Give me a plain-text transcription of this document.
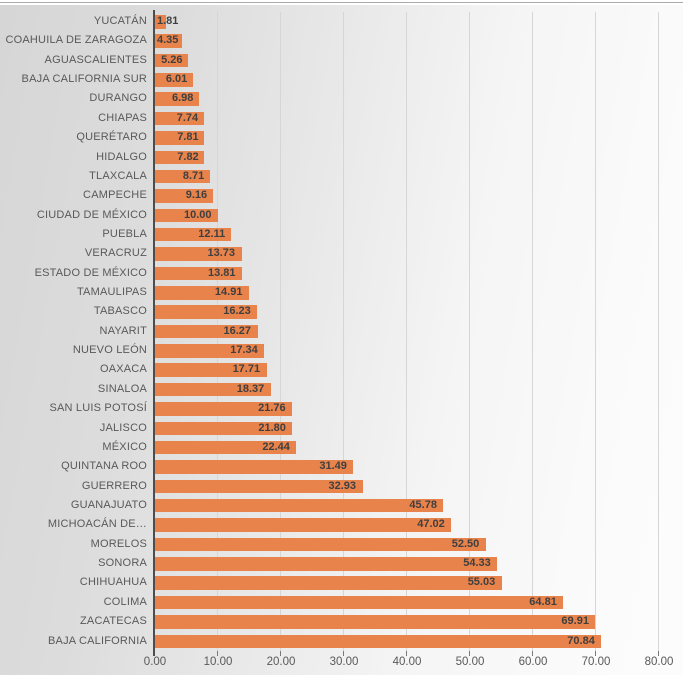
YUCATÁN 1.81
COAHUILA DE ZARAGOZA 4.35
AGUASCALIENTES 5.26
BAJA CALIFORNIA SUR 6.01
DURANGO 6.98
CHIAPAS	7.74
QUERÉTARO	7.81
HIDALGO	7.82
TLAXCALA	8.71
CAMPECHE	9.16
CIUDAD DE MÉXICO	10.00
PUEBLA	12.11
VERACRUZ	13.73
ESTADO DE MÉXICO	13.81
TAMAULIPAS	14.91
TABASCO	16.23
NAYARIT	16.27
NUEVO LEÓN	17.34
OAXACA	17.71
SINALOA	18.37
SAN LUIS POTOSÍ	21.76
JALISCO	21.80
MÉXICO	22.44
QUINTANA ROO	31.49
GUERRERO	32.93
GUANAJUATO	45.78
MICHOACÁN DE…	47.02
MORELOS	52.50
SONORA	54.33
CHIHUAHUA	55.03
COLIMA	64.81
ZACATECAS	69.91
BAJA CALIFORNIA	70.84
0.00	10.00	20.00	30.00	40.00	50.00	60.00	70.00	80.00
